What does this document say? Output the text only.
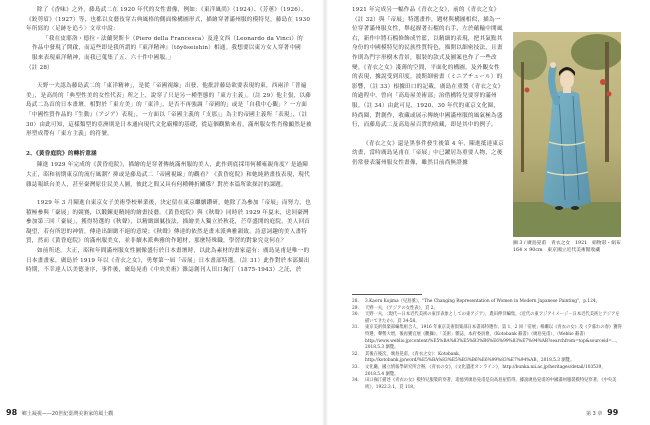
除了《香味》之外，藤島武二在 1920 年代的女性畫像，例如：《東洋風尚》（1924）、《芳蕙》（1926）、《鉸剪眉》（1927）等，也都以女藝伎穿古典風格的側面像構圖形式，描繪穿著滿州服的模特兒。藤島在 1930 年所寫的〈足跡を追う〉文章中說：
「我在皮耶洛・德拉・法蘭契斯卡（Piero della Francesca）及達文西（Leonardo da Vinci）的作品中發現了開啟，而這些即是我所謂的『東洋精神』（tōyōseishin）相通。我想要以東方女人穿著中國服來表現東洋精神，而我已蒐集了五、六十件中國服。」
（註 28）

天野一夫認為藤島武二的「東洋精神」，是從「帝國視線」出發，他批評藤島欲要表現的東，西兩洋「普遍美」，是高尚的「典型性美的女性代表」所之上，說穿了只是另一種型態的「東方主義」。（註 29）他主張，以藤島武二為首的日本畫壇，相對於「東方美」的「東洋」，是否不再強調「帝國的」或是「自我中心觀」？一方面「中國性質作品的『生動』（アジア）表現」，一方面以「帝國主義的『支那』」為主的帝國主義所「表現」，（註 30）由此可知，這樣類型的亞洲則是日本通向現代文化霸權的基礎，從這個觀點來看，滿州服女性肖像顯然是被形塑成帶有「東方主義」的符號。

2、《黃昏庭院》的轉折意涵

陳進 1929 年完成的《黃昏庭院》，描繪的是穿著傳統滿州服的美人，此作到底採用何種雍親角度？是過陳大正，昭和初期東京的流行風潮？抑或是藤島武二「帝國視線」的觀看？《黃昏庭院》和她純熟畫技表現，現代雜誌報紙台美人，甚至臺灣原住民美人圖，彼此之間又具有何種轉折關係？對於本篇所欲探討的課題。

1929 年 3 月陳進自東京女子美術學校畢業後，決定留在東京繼續鑽研，她除了為參加「帝展」而努力，也積極參與「臺展」的競賽，以鍛鍊更精純的繪畫技藝。《黃昏庭院》與《秋聲》同時於 1929 年夏末，送回臺灣參加第三回「臺展」，獲得特選的《秋聲》，以精緻細膩技法，描繪美人獨立於秋花，芒草盛開的庭院，美人回首凝望，若有所思的神情，傳達出細緻不絕的意境；《秋聲》傳達的依然是畫末派典雅韻致，詩意詞趣的美人畫特質，然而《黃昏庭院》的滿州服美女，並非續木派典雅的作題材，那麼特殊職，學習的對象究竟何在？

如前所述，大正，昭和年間滿州服女性圖像盛行於日本畫壇時，以此為素材的畫家還有：廣島晃甫是唯一的日本畫畫家，廣島於 1919 年以《青衣之女》，勇奪第一屆「帝展」日本畫部特選。（註 31）此作對於本部描出時期，不幸達人以美德並序，事件後，廣島晃甫《中央美術》雜誌創刊人田口掬汀（1875-1943）之託，於

1921 年完成另一幅作品《青衣之女》，前的《青衣之女》（註 32）與「帝展」特選畫作，題材與構圖相似，描為一位穿著滿州服女性，舉起握著石榴的右手，左於蘊輸中開風右，新作中將石榴修飾成竹籃，以精細的表現，把其氣點其身份的中國模特兒的民族性質特色，描開以細密技法，且畫作則為門字形樹木背景，服裝的款式及圖案也作了一些改變。《青衣之女》淺薄的空間，平面化的構圖，及外觀女性的表現，據說受到印度，波斯細密畫（ミニアチュール）的影響，（註 33）根據田口的記載，廣島在重製《青衣之女》的過程中，曾向「高島屋美術部」治借構特兒要穿的滿州服。（註 34）由此可見，1920、30 年代的東京文化圈，時尚圈，對創作，收藏或展示傳統中國滿州服的風氣極為盛行，而藤島武二及高島屋百貨的收藏，即是其中的例子。

《青衣之女》還是黑事件發生後第 4 年，陳進抵達東京幼畫，當時廣島晃甫在「帝展」中已躍居為重要人物，之後仍常發表滿州服女性畫像，雖然目前尚無證據

圖 3 / 廣島晃甫　青衣之女　1921　絹物彩・絹布 164 × 90cm　東京國立近代美術館收藏
28.	3.Kaoru Kojima（兒島薰），"The Changing Representation of Women in Modern Japanese Painting"，p.124。
29.	天野一夫，《アジアの女性表》，頁 2。
30.	天野一夫，〈現代—日本近代美術の東洋表象としての東アジア〉，農田伸洋編集，《近代の東アジアイメージ－日本近代美術とアジアを描いてきたか》，頁 34-58。
31.	東京美術倶楽部編集組合人，1916 年東京美術倶楽部日本書部特選作。第 1、2 回「帝展」相繼以《青衣の女》及《夕暮れの春》獲得特選，聲勢大增，後再獲官展《觀獅》、「美術」雜誌，本府委員會，《Kotobank 辭書》（廣島晃甫），（Weblio 辭書）http://www.weblio.jp/content/%E5%BA%83%E5%B3%B6%E6%99%83%E7%94%AB?searchfrom=top&sourceid=..., 2018.5.3 瀏覽。
32.	其後在後次，廣島晃甫，《青衣之女》：Kotobank，http://kotobank.jp/word/%E5%BA%83%E5%B3%B6%E6%99%83%E7%94%AB，2018.5.3 瀏覽。
33.	文化廳，國立情報學研究所合辦，《青衣の女》，《文化遺產オンライン》，http://bunka.nii.ac.jp/heritages/detail/103539，2018.5.4 瀏覽。
34.	田口掬汀描述《青衣の女》模特兒服裝的穿著，追憶到廣島晃甫是向高島屋借得。據說廣島晃甫的中國滿州服裝模特兒穿著，《中央美術》，1922.3.1，頁 118。
98 鄉土凝視——20世紀臺灣美術家的風土觀	第 3 章 99
